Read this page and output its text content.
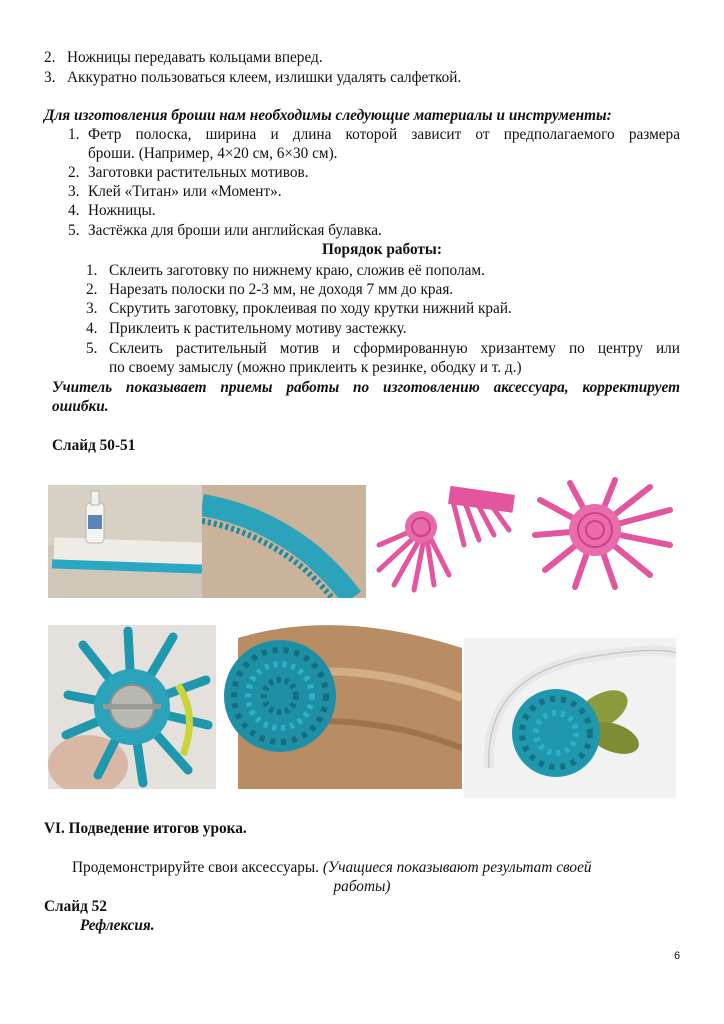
2. Ножницы передавать кольцами вперед.
3. Аккуратно пользоваться клеем, излишки удалять салфеткой.
Для изготовления броши нам необходимы следующие материалы и инструменты:
1. Фетр полоска, ширина и длина которой зависит от предполагаемого размера
броши. (Например, 4×20 см, 6×30 см).
2. Заготовки растительных мотивов.
3. Клей «Титан» или «Момент».
4. Ножницы.
5. Застёжка для броши или английская булавка.
Порядок работы:
1. Склеить заготовку по нижнему краю, сложив её пополам.
2. Нарезать полоски по 2-3 мм, не доходя 7 мм до края.
3. Скрутить заготовку, проклеивая по ходу крутки нижний край.
4. Приклеить к растительному мотиву застежку.
5. Склеить растительный мотив и сформированную хризантему по центру или
по своему замыслу (можно приклеить к резинке, ободку и т. д.)
Учитель показывает приемы работы по изготовлению аксессуара, корректирует
ошибки.
Слайд 50-51
VI. Подведение итогов урока.
Продемонстрируйте свои аксессуары. (Учащиеся показывают результат своей
работы)
Слайд 52
Рефлексия.
6
